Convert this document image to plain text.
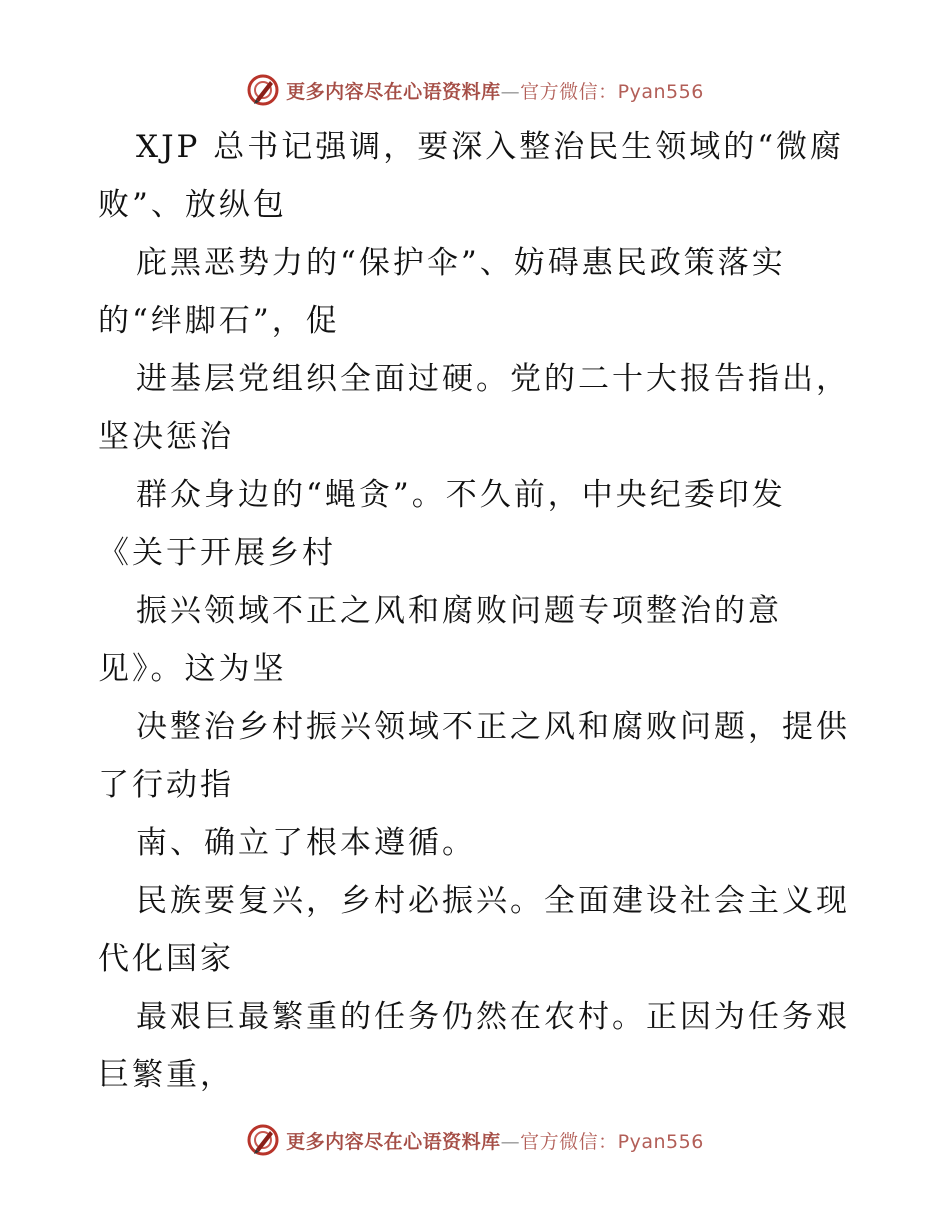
更多内容尽在心语资料库—官方微信：Pyan556
XJP 总书记强调，要深入整治民生领域的“微腐
败”、放纵包
庇黑恶势力的“保护伞”、妨碍惠民政策落实
的“绊脚石”，促
进基层党组织全面过硬。党的二十大报告指出，
坚决惩治
群众身边的“蝇贪”。不久前，中央纪委印发
《关于开展乡村
振兴领域不正之风和腐败问题专项整治的意
见》。这为坚
决整治乡村振兴领域不正之风和腐败问题，提供
了行动指
南、确立了根本遵循。
民族要复兴，乡村必振兴。全面建设社会主义现
代化国家
最艰巨最繁重的任务仍然在农村。正因为任务艰
巨繁重，
更多内容尽在心语资料库—官方微信：Pyan556
